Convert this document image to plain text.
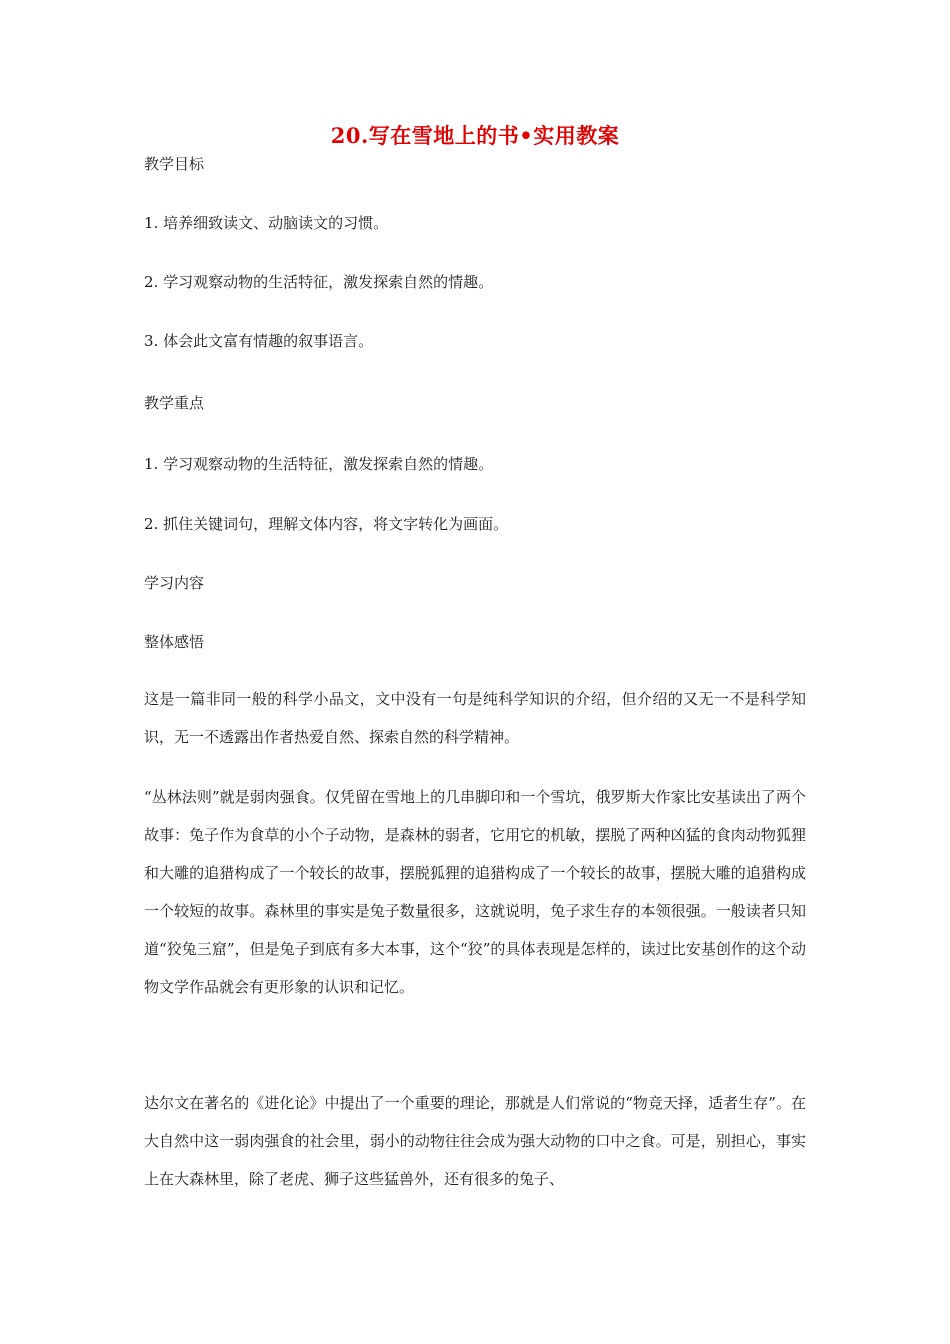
20.写在雪地上的书•实用教案
教学目标
1. 培养细致读文、动脑读文的习惯。
2. 学习观察动物的生活特征，激发探索自然的情趣。
3. 体会此文富有情趣的叙事语言。
教学重点
1. 学习观察动物的生活特征，激发探索自然的情趣。
2. 抓住关键词句，理解文体内容，将文字转化为画面。
学习内容
整体感悟
这是一篇非同一般的科学小品文，文中没有一句是纯科学知识的介绍，但介绍的又无一不是科学知识，无一不透露出作者热爱自然、探索自然的科学精神。
“丛林法则”就是弱肉强食。仅凭留在雪地上的几串脚印和一个雪坑，俄罗斯大作家比安基读出了两个故事：兔子作为食草的小个子动物，是森林的弱者，它用它的机敏，摆脱了两种凶猛的食肉动物狐狸和大雕的追猎构成了一个较长的故事，摆脱狐狸的追猎构成了一个较长的故事，摆脱大雕的追猎构成一个较短的故事。森林里的事实是兔子数量很多，这就说明，兔子求生存的本领很强。一般读者只知道“狡兔三窟”，但是兔子到底有多大本事，这个“狡”的具体表现是怎样的，读过比安基创作的这个动物文学作品就会有更形象的认识和记忆。
达尔文在著名的《进化论》中提出了一个重要的理论，那就是人们常说的“物竞天择，适者生存”。在大自然中这一弱肉强食的社会里，弱小的动物往往会成为强大动物的口中之食。可是，别担心，事实上在大森林里，除了老虎、狮子这些猛兽外，还有很多的兔子、
